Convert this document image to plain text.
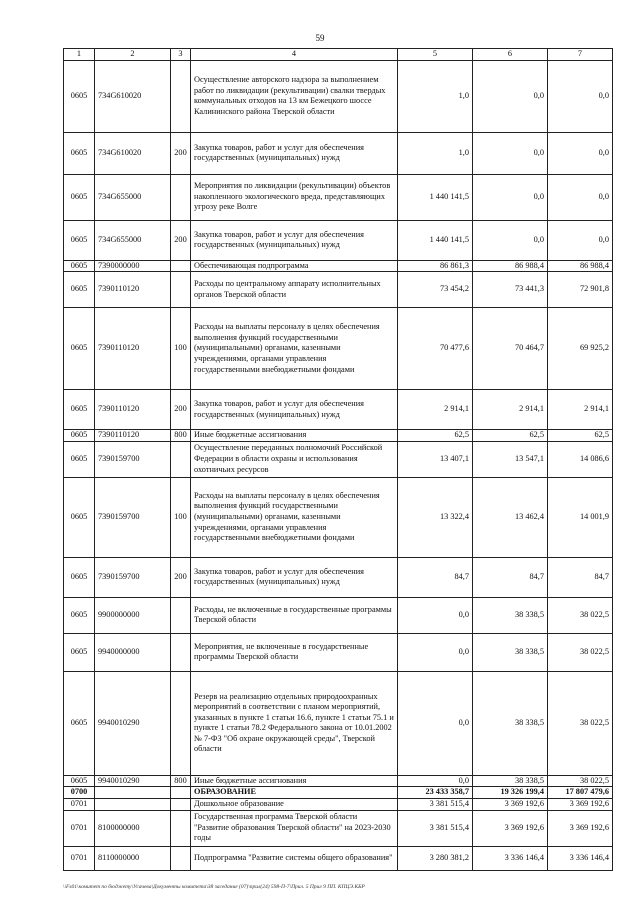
59
1	2	3	4	5	6	7
0605	734G610020		Осуществление авторского надзора за выполнением работ по ликвидации (рекультивации) свалки твердых коммунальных отходов на 13 км Бежецкого шоссе Калининского района Тверской области	1,0	0,0	0,0
0605	734G610020	200	Закупка товаров, работ и услуг для обеспечения государственных (муниципальных) нужд	1,0	0,0	0,0
0605	734G655000		Мероприятия по ликвидации (рекультивации) объектов накопленного экологического вреда, представляющих угрозу реке Волге	1 440 141,5	0,0	0,0
0605	734G655000	200	Закупка товаров, работ и услуг для обеспечения государственных (муниципальных) нужд	1 440 141,5	0,0	0,0
0605	7390000000		Обеспечивающая подпрограмма	86 861,3	86 988,4	86 988,4
0605	7390110120		Расходы по центральному аппарату исполнительных органов Тверской области	73 454,2	73 441,3	72 901,8
0605	7390110120	100	Расходы на выплаты персоналу в целях обеспечения выполнения функций государственными (муниципальными) органами, казенными учреждениями, органами управления государственными внебюджетными фондами	70 477,6	70 464,7	69 925,2
0605	7390110120	200	Закупка товаров, работ и услуг для обеспечения государственных (муниципальных) нужд	2 914,1	2 914,1	2 914,1
0605	7390110120	800	Иные бюджетные ассигнования	62,5	62,5	62,5
0605	7390159700		Осуществление переданных полномочий Российской Федерации в области охраны и использования охотничьих ресурсов	13 407,1	13 547,1	14 086,6
0605	7390159700	100	Расходы на выплаты персоналу в целях обеспечения выполнения функций государственными (муниципальными) органами, казенными учреждениями, органами управления государственными внебюджетными фондами	13 322,4	13 462,4	14 001,9
0605	7390159700	200	Закупка товаров, работ и услуг для обеспечения государственных (муниципальных) нужд	84,7	84,7	84,7
0605	9900000000		Расходы, не включенные в государственные программы Тверской области	0,0	38 338,5	38 022,5
0605	9940000000		Мероприятия, не включенные в государственные программы Тверской области	0,0	38 338,5	38 022,5
0605	9940010290		Резерв на реализацию отдельных природоохранных мероприятий в соответствии с планом мероприятий, указанных в пункте 1 статьи 16.6, пункте 1 статьи 75.1 и пункте 1 статьи 78.2 Федерального закона от 10.01.2002 № 7-ФЗ "Об охране окружающей среды", Тверской области	0,0	38 338,5	38 022,5
0605	9940010290	800	Иные бюджетные ассигнования	0,0	38 338,5	38 022,5
0700			ОБРАЗОВАНИЕ	23 433 358,7	19 326 199,4	17 807 479,6
0701			Дошкольное образование	3 381 515,4	3 369 192,6	3 369 192,6
0701	8100000000		Государственная программа Тверской области "Развитие образования Тверской области" на 2023-2030 годы	3 381 515,4	3 369 192,6	3 369 192,6
0701	8110000000		Подпрограмма "Развитие системы общего образования"	3 280 381,2	3 336 146,4	3 336 146,4
\\Fs01\комитет по бюджету\Усачева\Документы комитета\38 заседание (07)\прил(24) 598-П-7\Прил. 5 Прил 9 ПП. КПЦЭ.КБР
